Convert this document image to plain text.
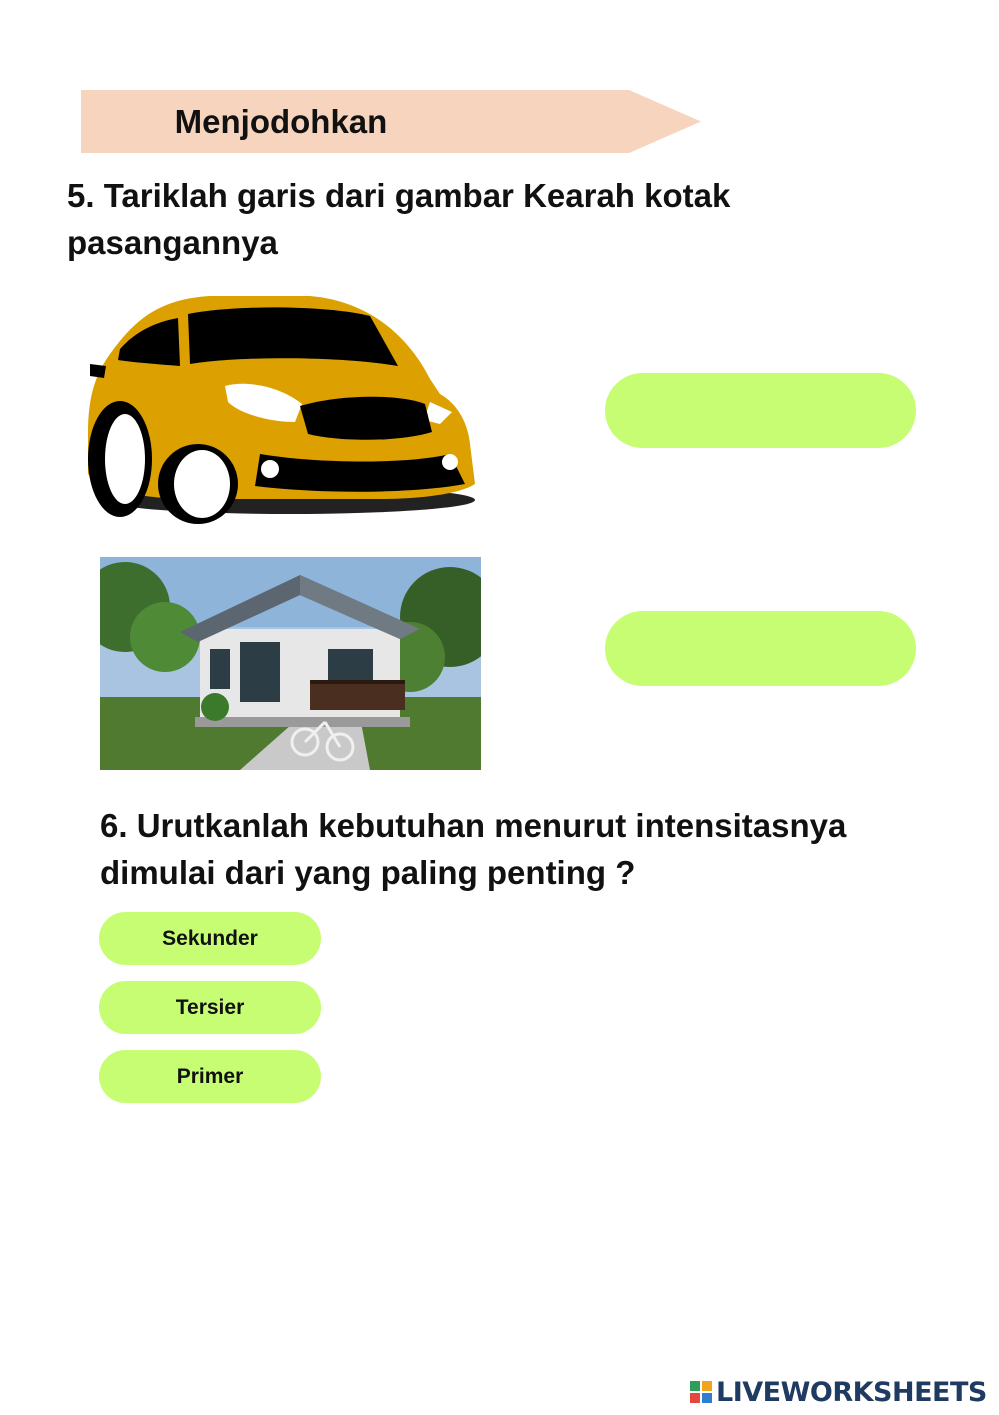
Menjodohkan
5. Tariklah garis dari gambar Kearah kotak pasangannya
6. Urutkanlah kebutuhan menurut intensitasnya dimulai dari yang paling penting ?
Sekunder
Tersier
Primer
LIVEWORKSHEETS
